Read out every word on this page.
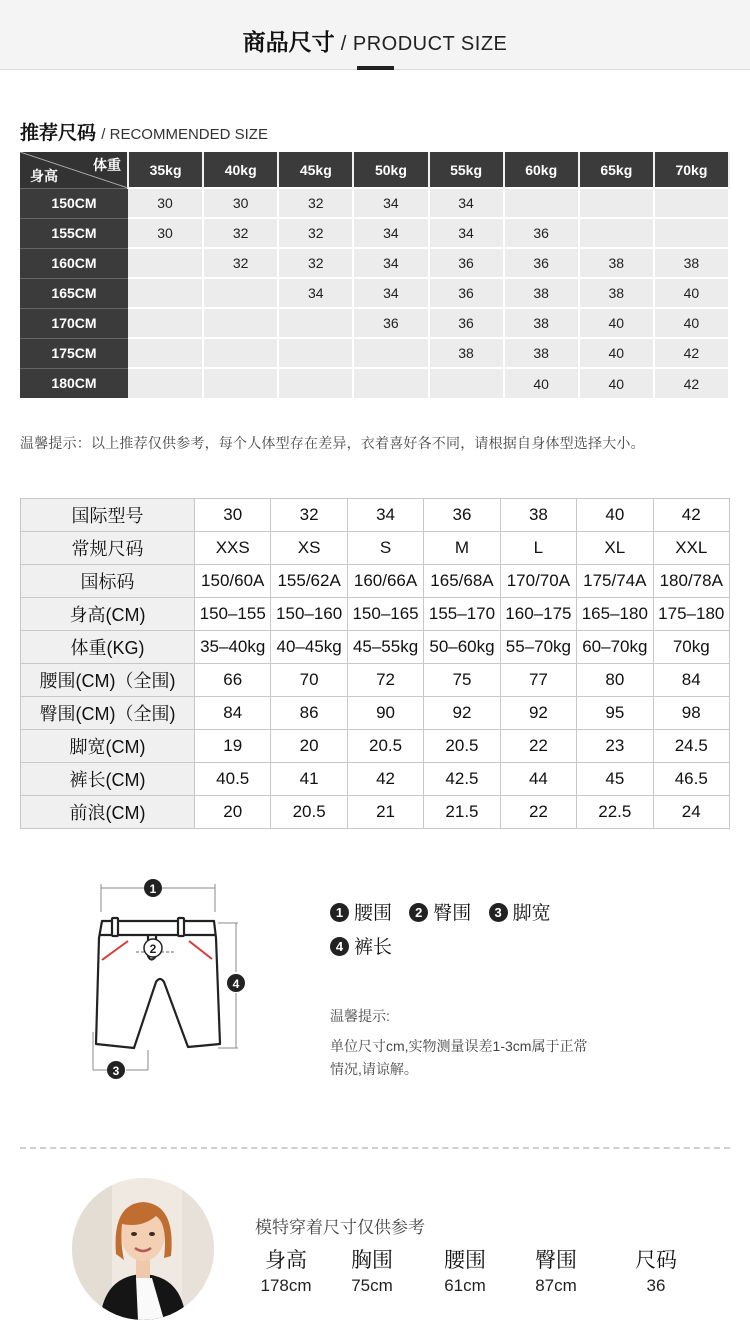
商品尺寸 / PRODUCT SIZE
推荐尺码 / RECOMMENDED SIZE
体重
身高	35kg	40kg	45kg	50kg	55kg	60kg	65kg	70kg
150CM	30	30	32	34	34			
155CM	30	32	32	34	34	36		
160CM		32	32	34	36	36	38	38
165CM			34	34	36	38	38	40
170CM				36	36	38	40	40
175CM					38	38	40	42
180CM						40	40	42
温馨提示：以上推荐仅供参考，每个人体型存在差异，衣着喜好各不同，请根据自身体型选择大小。
国际型号	30	32	34	36	38	40	42
常规尺码	XXS	XS	S	M	L	XL	XXL
国标码	150/60A	155/62A	160/66A	165/68A	170/70A	175/74A	180/78A
身高(CM)	150–155	150–160	150–165	155–170	160–175	165–180	175–180
体重(KG)	35–40kg	40–45kg	45–55kg	50–60kg	55–70kg	60–70kg	70kg
腰围(CM)（全围)	66	70	72	75	77	80	84
臀围(CM)（全围)	84	86	90	92	92	95	98
脚宽(CM)	19	20	20.5	20.5	22	23	24.5
裤长(CM)	40.5	41	42	42.5	44	45	46.5
前浪(CM)	20	20.5	21	21.5	22	22.5	24
1
2
4
3
1 腰围 2 臀围 3 脚宽
4 裤长
温馨提示:
单位尺寸cm,实物测量误差1-3cm属于正常
情况,请谅解。
模特穿着尺寸仅供参考
身高
178cm
胸围
75cm
腰围
61cm
臀围
87cm
尺码
36
